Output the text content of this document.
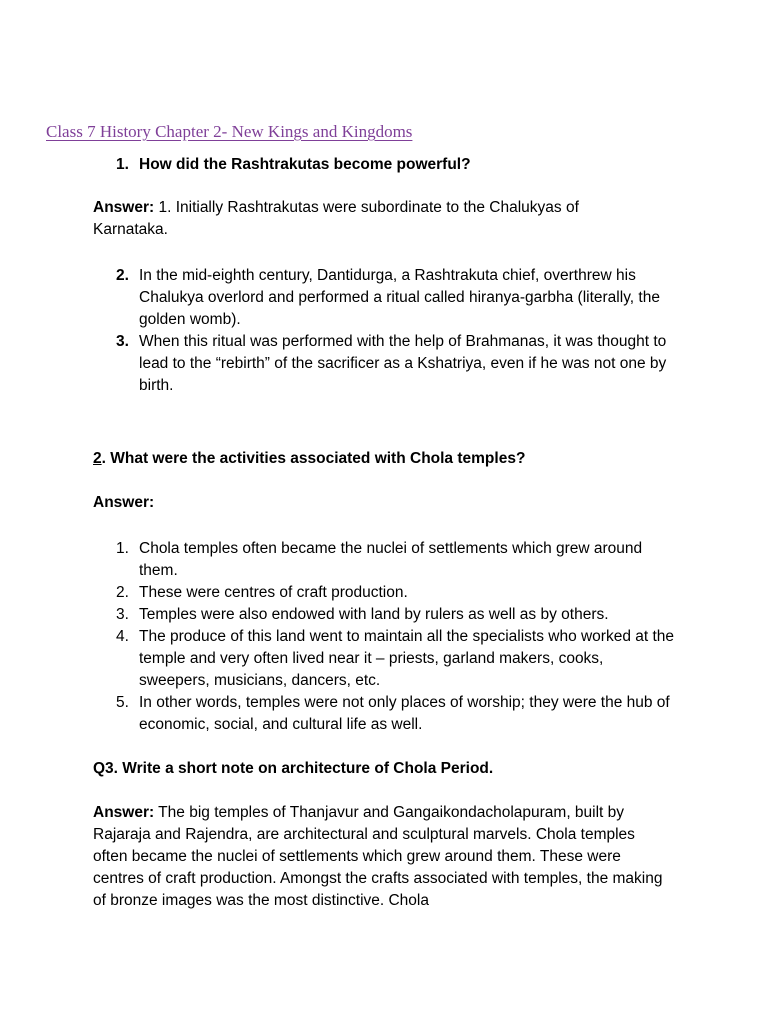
Class 7 History Chapter 2- New Kings and Kingdoms
1. How did the Rashtrakutas become powerful?
Answer: 1. Initially Rashtrakutas were subordinate to the Chalukyas of Karnataka.
2. In the mid-eighth century, Dantidurga, a Rashtrakuta chief, overthrew his Chalukya overlord and performed a ritual called hiranya-garbha (literally, the golden womb).
3. When this ritual was performed with the help of Brahmanas, it was thought to lead to the “rebirth” of the sacrificer as a Kshatriya, even if he was not one by birth.
2. What were the activities associated with Chola temples?
Answer:
1. Chola temples often became the nuclei of settlements which grew around them.
2. These were centres of craft production.
3. Temples were also endowed with land by rulers as well as by others.
4. The produce of this land went to maintain all the specialists who worked at the temple and very often lived near it – priests, garland makers, cooks, sweepers, musicians, dancers, etc.
5. In other words, temples were not only places of worship; they were the hub of economic, social, and cultural life as well.
Q3. Write a short note on architecture of Chola Period.
Answer: The big temples of Thanjavur and Gangaikondacholapuram, built by Rajaraja and Rajendra, are architectural and sculptural marvels. Chola temples often became the nuclei of settlements which grew around them. These were centres of craft production. Amongst the crafts associated with temples, the making of bronze images was the most distinctive. Chola
